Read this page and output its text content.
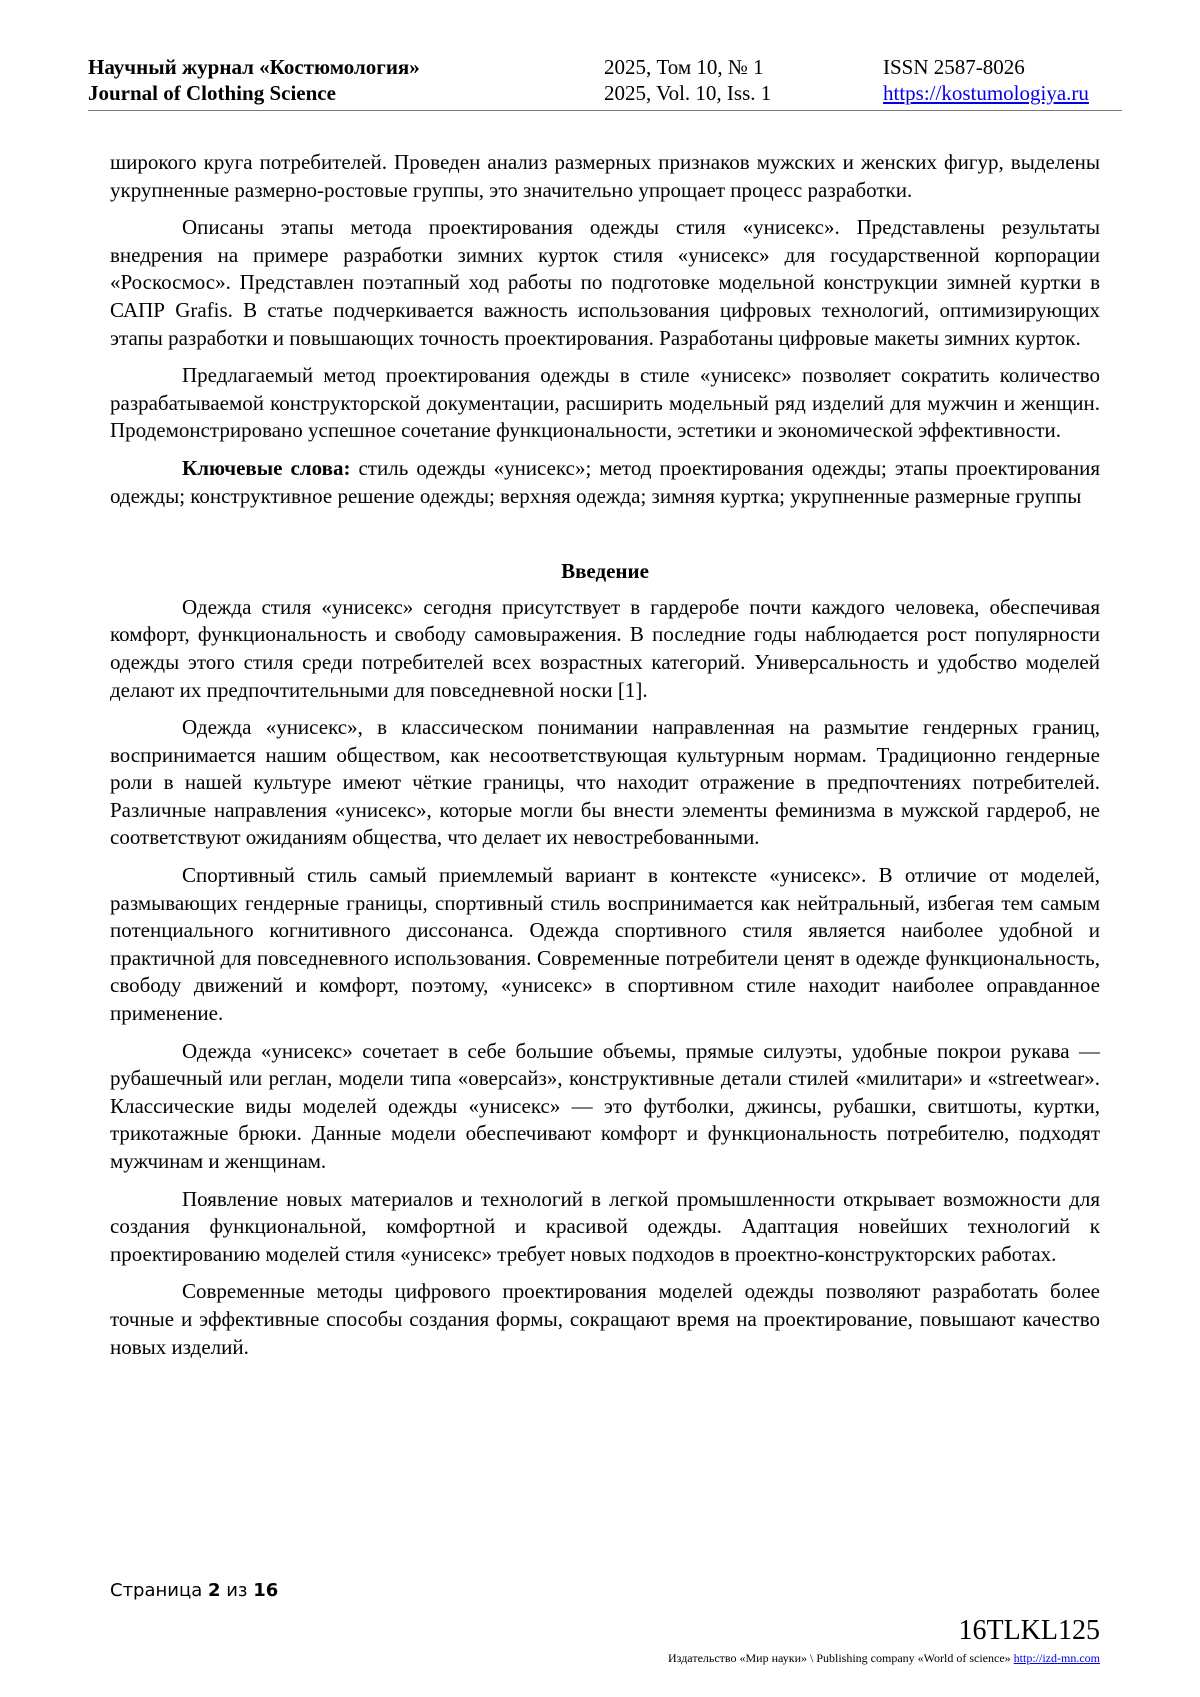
Научный журнал «Костюмология»
Journal of Clothing Science
2025, Том 10, № 1
2025, Vol. 10, Iss. 1
ISSN 2587-8026
https://kostumologiya.ru

широкого круга потребителей. Проведен анализ размерных признаков мужских и женских фигур, выделены укрупненные размерно-ростовые группы, это значительно упрощает процесс разработки.

Описаны этапы метода проектирования одежды стиля «унисекс». Представлены результаты внедрения на примере разработки зимних курток стиля «унисекс» для государственной корпорации «Роскосмос». Представлен поэтапный ход работы по подготовке модельной конструкции зимней куртки в САПР Grafis. В статье подчеркивается важность использования цифровых технологий, оптимизирующих этапы разработки и повышающих точность проектирования. Разработаны цифровые макеты зимних курток.

Предлагаемый метод проектирования одежды в стиле «унисекс» позволяет сократить количество разрабатываемой конструкторской документации, расширить модельный ряд изделий для мужчин и женщин. Продемонстрировано успешное сочетание функциональности, эстетики и экономической эффективности.

Ключевые слова: стиль одежды «унисекс»; метод проектирования одежды; этапы проектирования одежды; конструктивное решение одежды; верхняя одежда; зимняя куртка; укрупненные размерные группы

Введение

Одежда стиля «унисекс» сегодня присутствует в гардеробе почти каждого человека, обеспечивая комфорт, функциональность и свободу самовыражения. В последние годы наблюдается рост популярности одежды этого стиля среди потребителей всех возрастных категорий. Универсальность и удобство моделей делают их предпочтительными для повседневной носки [1].

Одежда «унисекс», в классическом понимании направленная на размытие гендерных границ, воспринимается нашим обществом, как несоответствующая культурным нормам. Традиционно гендерные роли в нашей культуре имеют чёткие границы, что находит отражение в предпочтениях потребителей. Различные направления «унисекс», которые могли бы внести элементы феминизма в мужской гардероб, не соответствуют ожиданиям общества, что делает их невостребованными.

Спортивный стиль самый приемлемый вариант в контексте «унисекс». В отличие от моделей, размывающих гендерные границы, спортивный стиль воспринимается как нейтральный, избегая тем самым потенциального когнитивного диссонанса. Одежда спортивного стиля является наиболее удобной и практичной для повседневного использования. Современные потребители ценят в одежде функциональность, свободу движений и комфорт, поэтому, «унисекс» в спортивном стиле находит наиболее оправданное применение.

Одежда «унисекс» сочетает в себе большие объемы, прямые силуэты, удобные покрои рукава — рубашечный или реглан, модели типа «оверсайз», конструктивные детали стилей «милитари» и «streetwear». Классические виды моделей одежды «унисекс» — это футболки, джинсы, рубашки, свитшоты, куртки, трикотажные брюки. Данные модели обеспечивают комфорт и функциональность потребителю, подходят мужчинам и женщинам.

Появление новых материалов и технологий в легкой промышленности открывает возможности для создания функциональной, комфортной и красивой одежды. Адаптация новейших технологий к проектированию моделей стиля «унисекс» требует новых подходов в проектно-конструкторских работах.

Современные методы цифрового проектирования моделей одежды позволяют разработать более точные и эффективные способы создания формы, сокращают время на проектирование, повышают качество новых изделий.

Страница 2 из 16
16TLKL125
Издательство «Мир науки» \ Publishing company «World of science» http://izd-mn.com
